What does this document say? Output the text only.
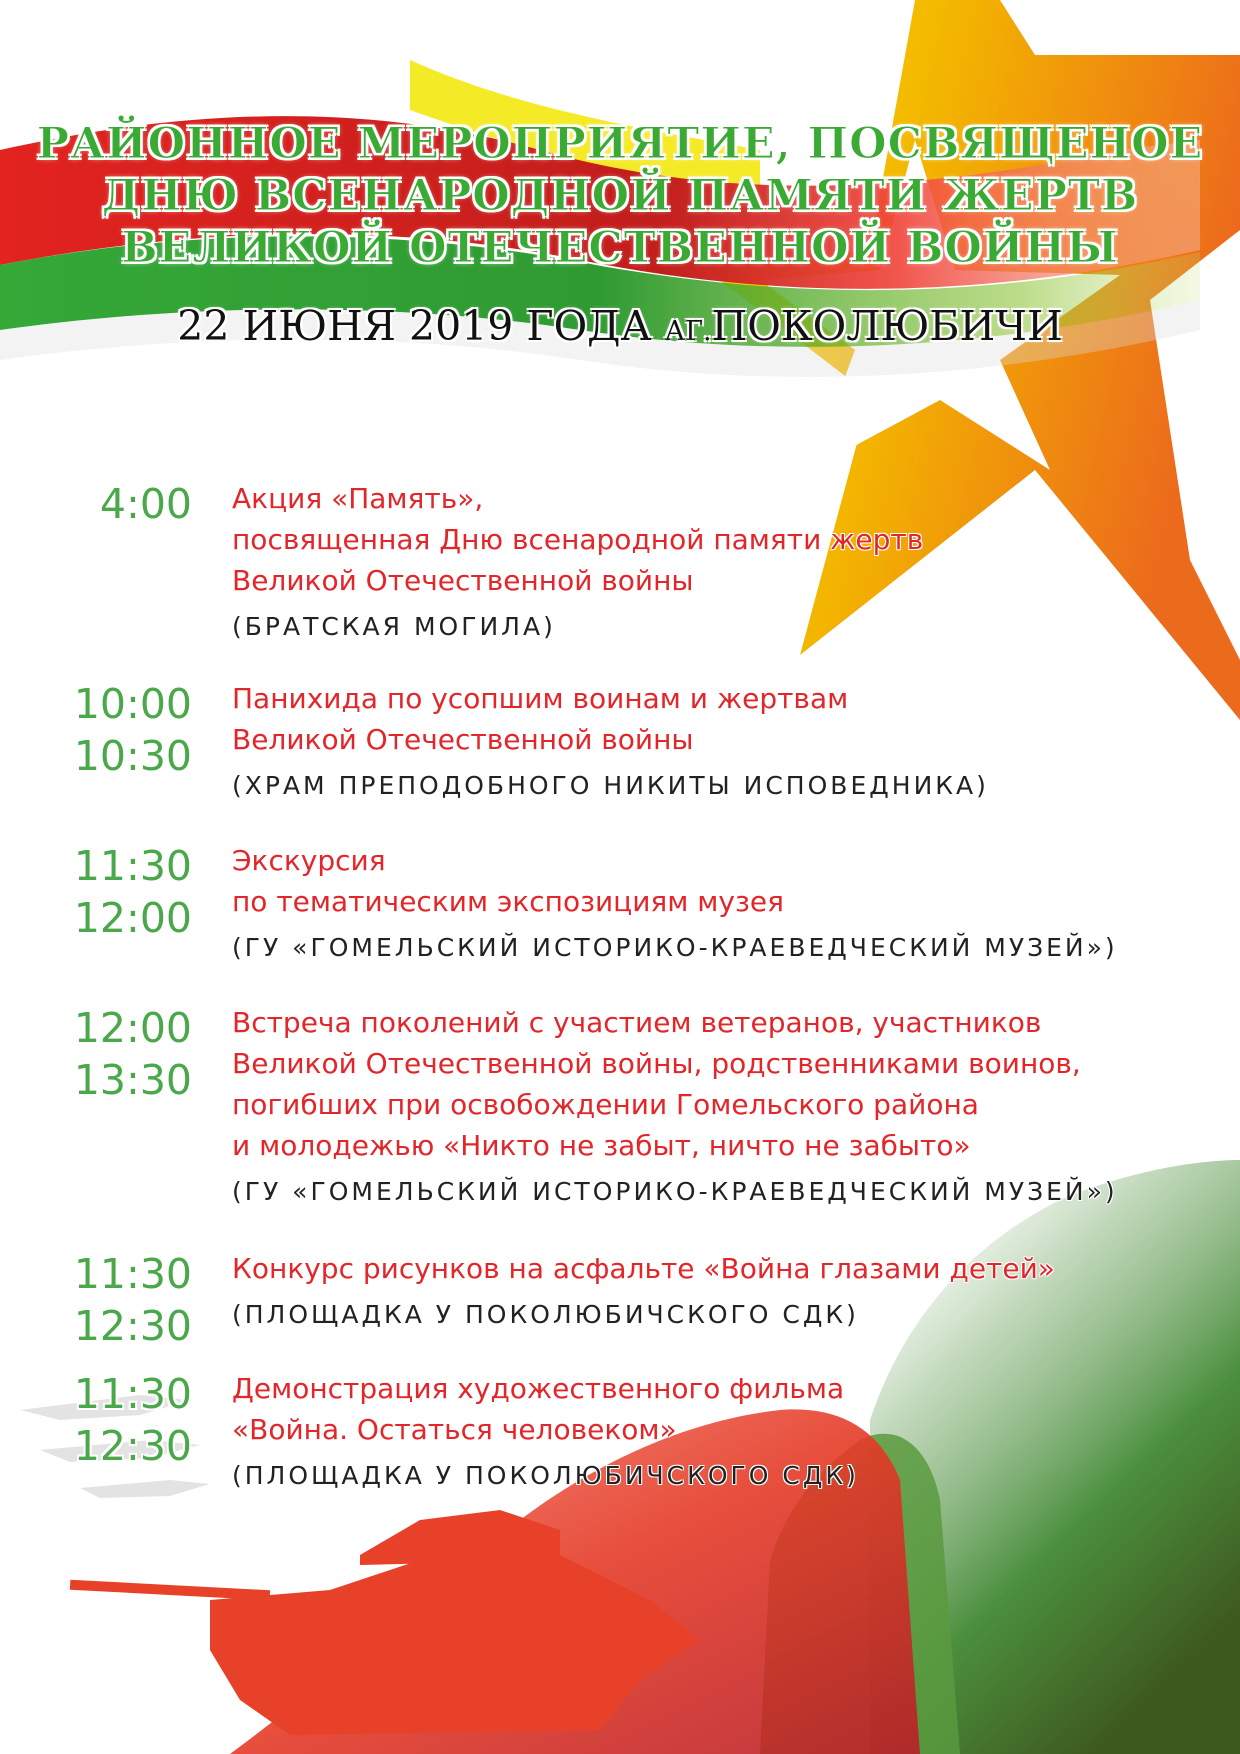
РАЙОННОЕ МЕРОПРИЯТИЕ, ПОСВЯЩЕНОЕ
ДНЮ ВСЕНАРОДНОЙ ПАМЯТИ ЖЕРТВ
ВЕЛИКОЙ ОТЕЧЕСТВЕННОЙ ВОЙНЫ
22 ИЮНЯ 2019 ГОДА АГ.ПОКОЛЮБИЧИ
4:00 Акция «Память»,
посвященная Дню всенародной памяти жертв
Великой Отечественной войны
(БРАТСКАЯ МОГИЛА)
10:00
10:30
Панихида по усопшим воинам и жертвам
Великой Отечественной войны
(ХРАМ ПРЕПОДОБНОГО НИКИТЫ ИСПОВЕДНИКА)
11:30
12:00
Экскурсия
по тематическим экспозициям музея
(ГУ «ГОМЕЛЬСКИЙ ИСТОРИКО-КРАЕВЕДЧЕСКИЙ МУЗЕЙ»)
12:00
13:30
Встреча поколений с участием ветеранов, участников
Великой Отечественной войны, родственниками воинов,
погибших при освобождении Гомельского района
и молодежью «Никто не забыт, ничто не забыто»
(ГУ «ГОМЕЛЬСКИЙ ИСТОРИКО-КРАЕВЕДЧЕСКИЙ МУЗЕЙ»)
11:30
12:30
Конкурс рисунков на асфальте «Война глазами детей»
(ПЛОЩАДКА У ПОКОЛЮБИЧСКОГО СДК)
11:30
12:30
Демонстрация художественного фильма
«Война. Остаться человеком»
(ПЛОЩАДКА У ПОКОЛЮБИЧСКОГО СДК)
